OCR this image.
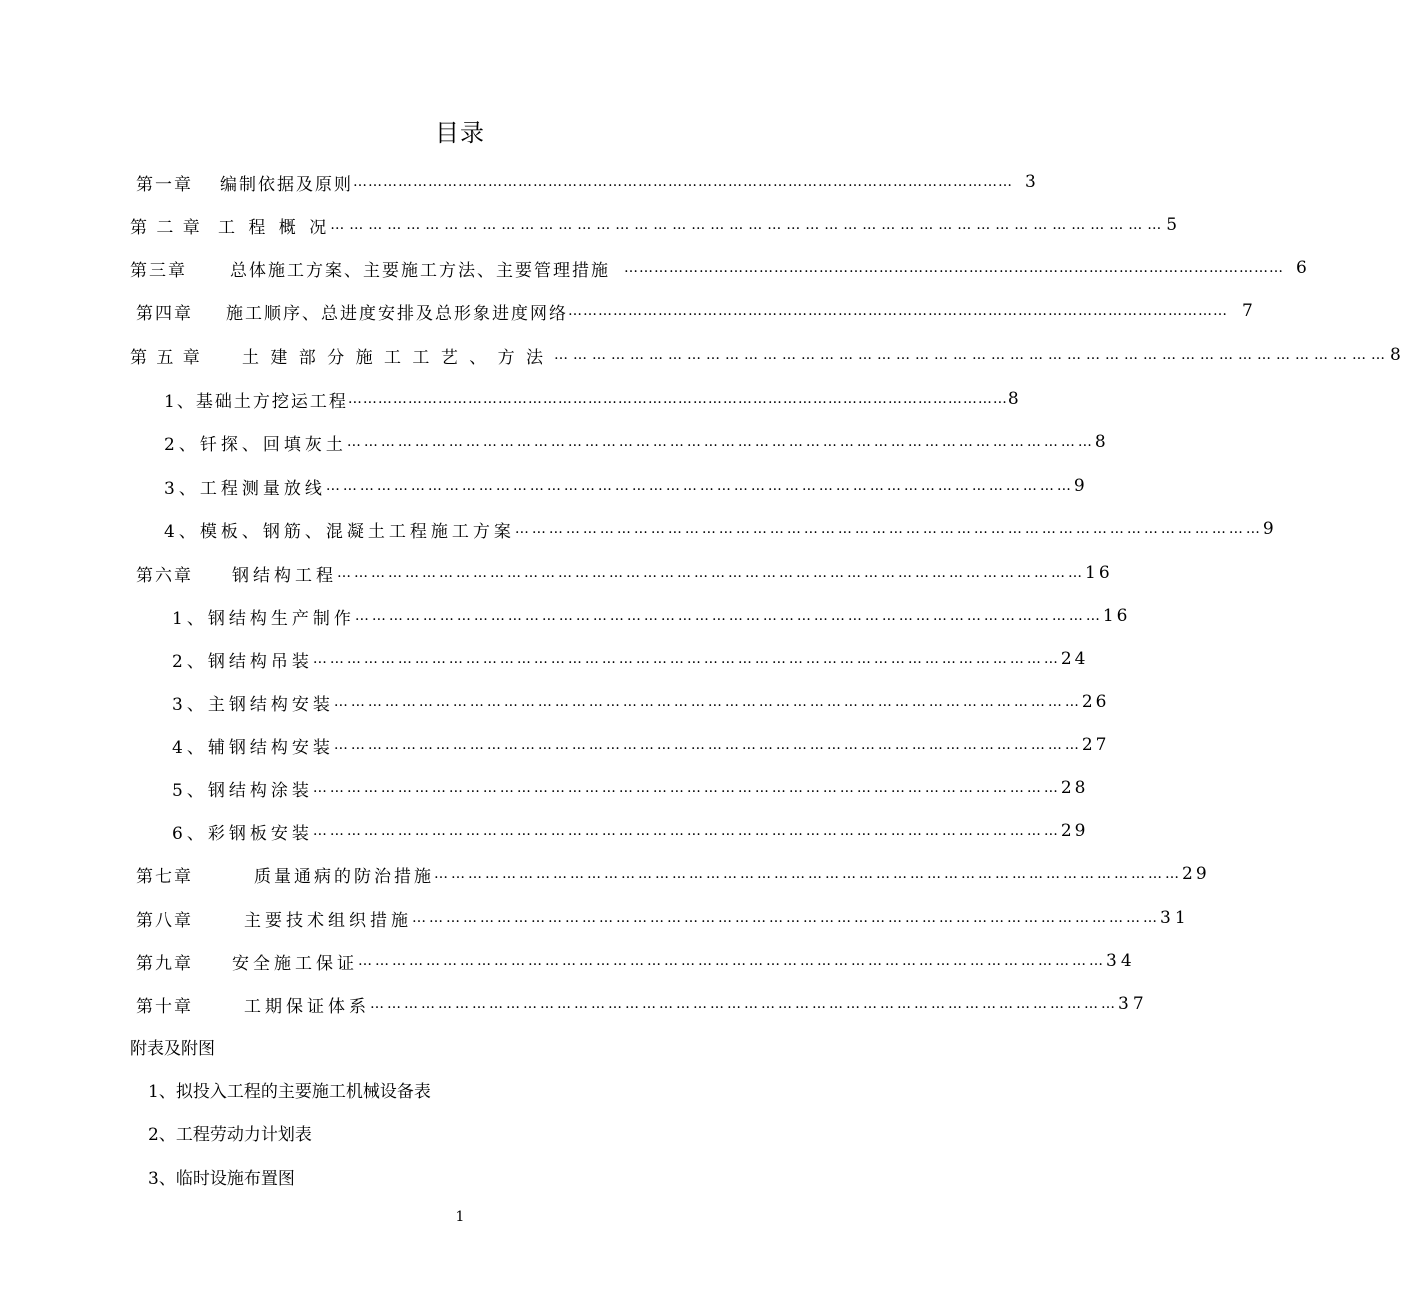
目录
第一章	编制依据及原则 …………………………………………………………………………………………………………………… 3
第 二 章 工 程 概 况 …………………………………………………………………………………………………………………… 5
第三章	总体施工方案、主要施工方法、主要管理措施 …………………………………………………………………………………………………………………… 6
第四章	施工顺序、总进度安排及总形象进度网络 …………………………………………………………………………………………………………………… 7
第 五 章	土 建 部 分 施 工 工 艺 、 方 法 …………………………………………………………………………………………………………………… 8
1、基础土方挖运工程 …………………………………………………………………………………………………………………… 8
2、钎探、回填灰土 …………………………………………………………………………………………………………………… 8
3、工程测量放线 …………………………………………………………………………………………………………………… 9
4、模板、钢筋、混凝土工程施工方案 …………………………………………………………………………………………………………………… 9
第六章	钢结构工程 …………………………………………………………………………………………………………………… 16
1、钢结构生产制作 …………………………………………………………………………………………………………………… 16
2、钢结构吊装 …………………………………………………………………………………………………………………… 24
3、主钢结构安装 …………………………………………………………………………………………………………………… 26
4、辅钢结构安装 …………………………………………………………………………………………………………………… 27
5、钢结构涂装 …………………………………………………………………………………………………………………… 28
6、彩钢板安装 …………………………………………………………………………………………………………………… 29
第七章	质量通病的防治措施 …………………………………………………………………………………………………………………… 29
第八章	主要技术组织措施 …………………………………………………………………………………………………………………… 31
第九章	安全施工保证 …………………………………………………………………………………………………………………… 34
第十章	工期保证体系 …………………………………………………………………………………………………………………… 37
附表及附图
1、拟投入工程的主要施工机械设备表
2、工程劳动力计划表
3、临时设施布置图
1
